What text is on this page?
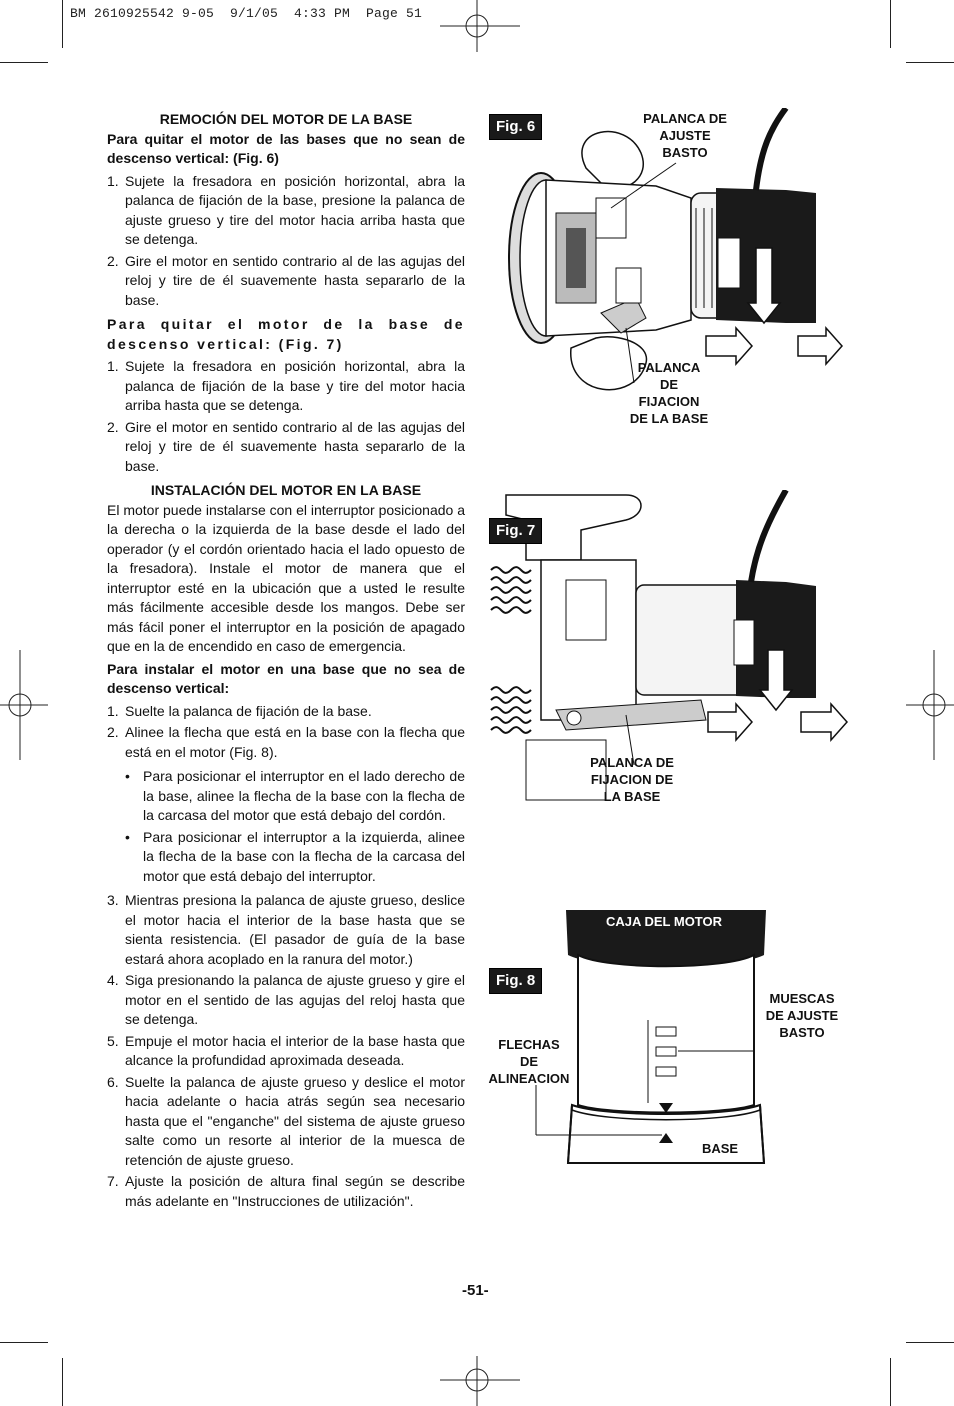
BM 2610925542 9-05  9/1/05  4:33 PM  Page 51

REMOCIÓN DEL MOTOR DE LA BASE

Para quitar el motor de las bases que no sean de descenso vertical: (Fig. 6)

1. Sujete la fresadora en posición horizontal, abra la palanca de fijación de la base, presione la palanca de ajuste grueso y tire del motor hacia arriba hasta que se detenga.
2. Gire el motor en sentido contrario al de las agujas del reloj y tire de él suavemente hasta separarlo de la base.

Para quitar el motor de la base de descenso vertical: (Fig. 7)

1. Sujete la fresadora en posición horizontal, abra la palanca de fijación de la base y tire del motor hacia arriba hasta que se detenga.
2. Gire el motor en sentido contrario al de las agujas del reloj y tire de él suavemente hasta separarlo de la base.

INSTALACIÓN DEL MOTOR EN LA BASE

El motor puede instalarse con el interruptor posicionado a la derecha o la izquierda de la base desde el lado del operador (y el cordón orientado hacia el lado opuesto de la fresadora). Instale el motor de manera que el interruptor esté en la ubicación que a usted le resulte más fácilmente accesible desde los mangos. Debe ser más fácil poner el interruptor en la posición de apagado que en la de encendido en caso de emergencia.

Para instalar el motor en una base que no sea de descenso vertical:

1. Suelte la palanca de fijación de la base.
2. Alinee la flecha que está en la base con la flecha que está en el motor (Fig. 8).
• Para posicionar el interruptor en el lado derecho de la base, alinee la flecha de la base con la flecha de la carcasa del motor que está debajo del cordón.
• Para posicionar el interruptor a la izquierda, alinee la flecha de la base con la flecha de la carcasa del motor que está debajo del interruptor.
3. Mientras presiona la palanca de ajuste grueso, deslice el motor hacia el interior de la base hasta que se sienta resistencia. (El pasador de guía de la base estará ahora acoplado en la ranura del motor.)
4. Siga presionando la palanca de ajuste grueso y gire el motor en el sentido de las agujas del reloj hasta que se detenga.
5. Empuje el motor hacia el interior de la base hasta que alcance la profundidad aproximada deseada.
6. Suelte la palanca de ajuste grueso y deslice el motor hacia adelante o hacia atrás según sea necesario hasta que el "enganche" del sistema de ajuste grueso salte como un resorte al interior de la muesca de retención de ajuste grueso.
7. Ajuste la posición de altura final según se describe más adelante en "Instrucciones de utilización".
Fig. 6	PALANCA DE
AJUSTE
BASTO
PALANCA
DE
FIJACION
DE LA BASE
Fig. 7
PALANCA DE
FIJACION DE
LA BASE
CAJA DEL MOTOR
Fig. 8
MUESCAS
DE AJUSTE
BASTO
FLECHAS
DE
ALINEACION
BASE
-51-
